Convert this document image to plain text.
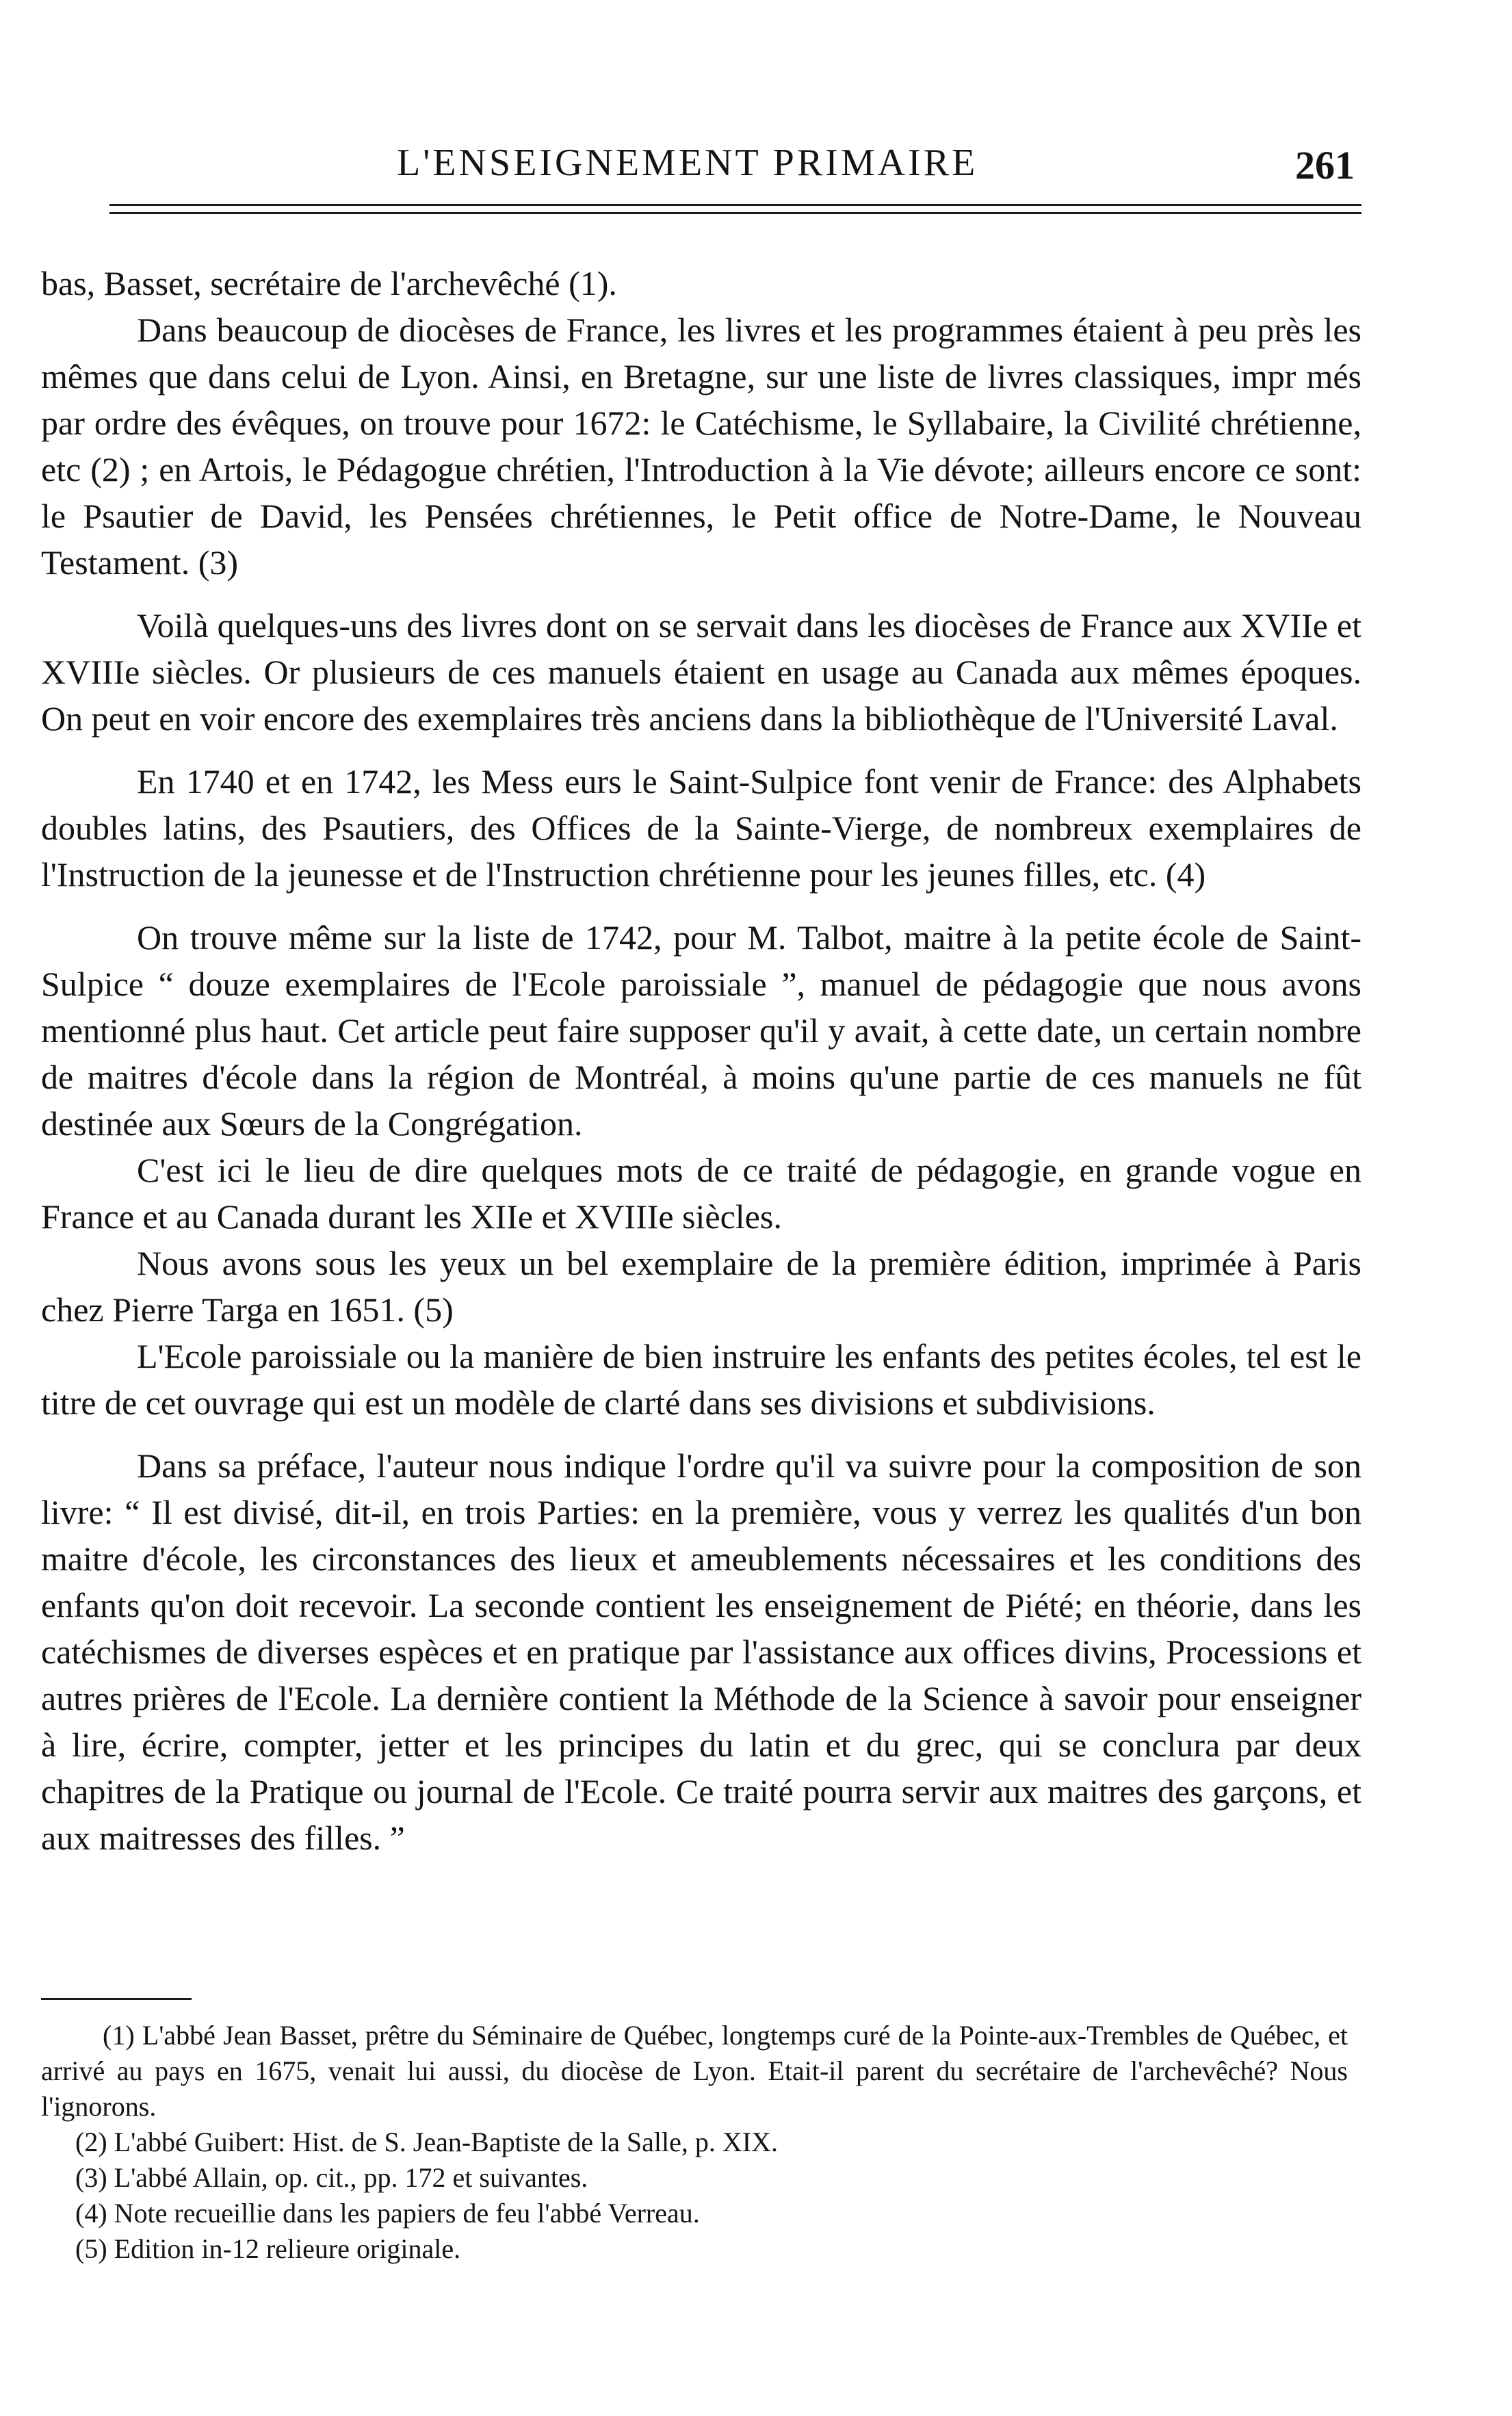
L'ENSEIGNEMENT PRIMAIRE	261

bas, Basset, secrétaire de l'archevêché (1).

Dans beaucoup de diocèses de France, les livres et les programmes étaient à peu près les mêmes que dans celui de Lyon. Ainsi, en Bretagne, sur une liste de livres classiques, impr més par ordre des évêques, on trouve pour 1672: le Catéchisme, le Syllabaire, la Civilité chrétienne, etc (2) ; en Artois, le Pédagogue chrétien, l'Introduction à la Vie dévote; ailleurs encore ce sont: le Psautier de David, les Pensées chrétiennes, le Petit office de Notre-Dame, le Nouveau Testament. (3)

Voilà quelques-uns des livres dont on se servait dans les diocèses de France aux XVIIe et XVIIIe siècles. Or plusieurs de ces manuels étaient en usage au Canada aux mêmes époques. On peut en voir encore des exemplaires très anciens dans la bibliothèque de l'Université Laval.

En 1740 et en 1742, les Mess eurs le Saint-Sulpice font venir de France: des Alphabets doubles latins, des Psautiers, des Offices de la Sainte-Vierge, de nombreux exemplaires de l'Instruction de la jeunesse et de l'Instruction chrétienne pour les jeunes filles, etc. (4)

On trouve même sur la liste de 1742, pour M. Talbot, maitre à la petite école de Saint-Sulpice “ douze exemplaires de l'Ecole paroissiale ”, manuel de pédagogie que nous avons mentionné plus haut. Cet article peut faire supposer qu'il y avait, à cette date, un certain nombre de maitres d'école dans la région de Montréal, à moins qu'une partie de ces manuels ne fût destinée aux Sœurs de la Congrégation.

C'est ici le lieu de dire quelques mots de ce traité de pédagogie, en grande vogue en France et au Canada durant les XIIe et XVIIIe siècles.

Nous avons sous les yeux un bel exemplaire de la première édition, imprimée à Paris chez Pierre Targa en 1651. (5)

L'Ecole paroissiale ou la manière de bien instruire les enfants des petites écoles, tel est le titre de cet ouvrage qui est un modèle de clarté dans ses divisions et subdivisions.

Dans sa préface, l'auteur nous indique l'ordre qu'il va suivre pour la composition de son livre: “ Il est divisé, dit-il, en trois Parties: en la première, vous y verrez les qualités d'un bon maitre d'école, les circonstances des lieux et ameublements nécessaires et les conditions des enfants qu'on doit recevoir. La seconde contient les enseignement de Piété; en théorie, dans les catéchismes de diverses espèces et en pratique par l'assistance aux offices divins, Processions et autres prières de l'Ecole. La dernière contient la Méthode de la Science à savoir pour enseigner à lire, écrire, compter, jetter et les principes du latin et du grec, qui se conclura par deux chapitres de la Pratique ou journal de l'Ecole. Ce traité pourra servir aux maitres des garçons, et aux maitresses des filles. ”

(1) L'abbé Jean Basset, prêtre du Séminaire de Québec, longtemps curé de la Pointe-aux-Trembles de Québec, et arrivé au pays en 1675, venait lui aussi, du diocèse de Lyon. Etait-il parent du secrétaire de l'archevêché? Nous l'ignorons.

(2) L'abbé Guibert: Hist. de S. Jean-Baptiste de la Salle, p. XIX.

(3) L'abbé Allain, op. cit., pp. 172 et suivantes.

(4) Note recueillie dans les papiers de feu l'abbé Verreau.

(5) Edition in-12 relieure originale.
